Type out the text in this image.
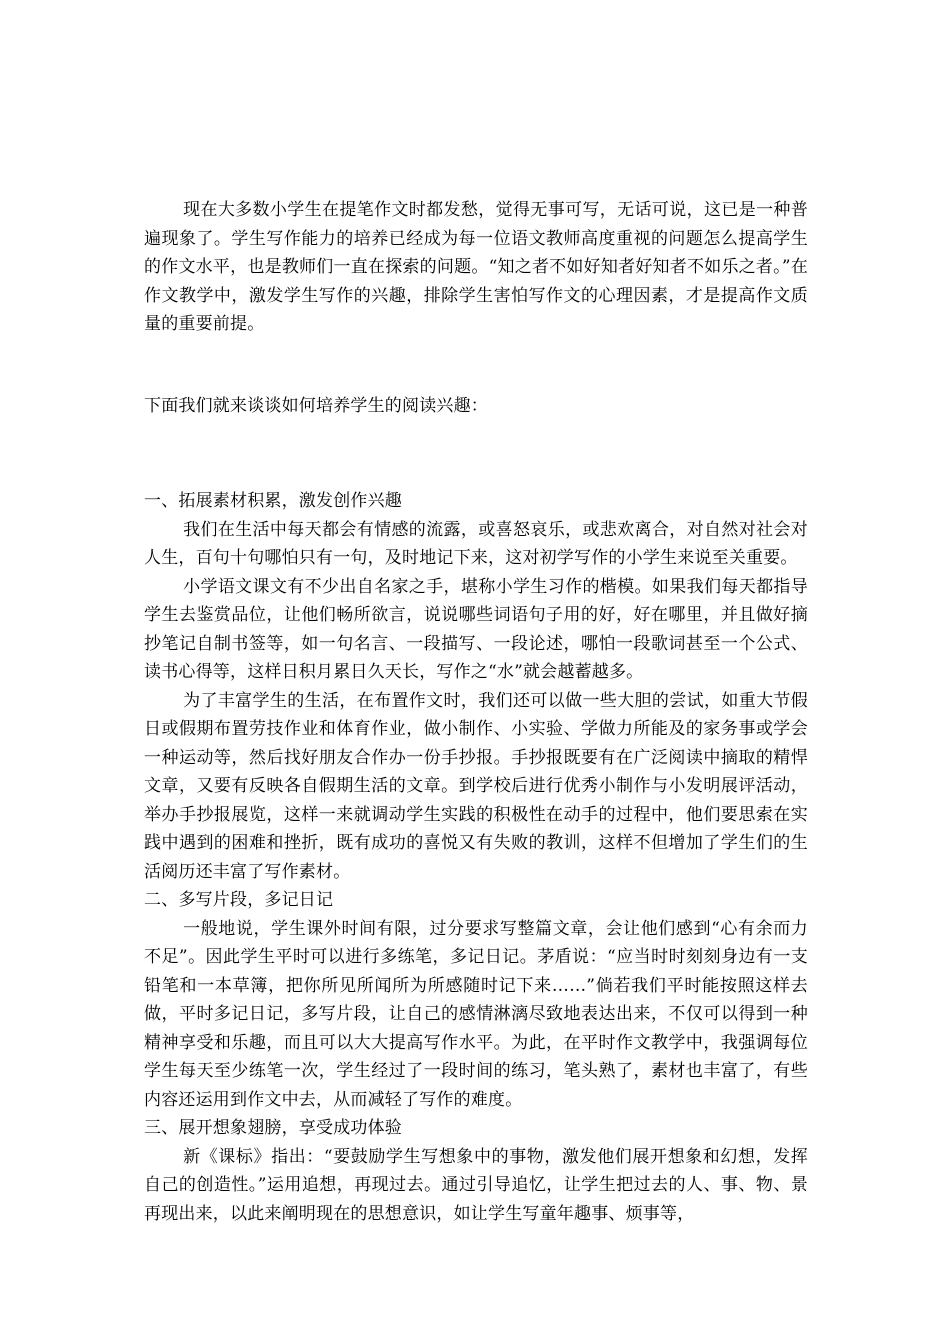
现在大多数小学生在提笔作文时都发愁，觉得无事可写，无话可说，这已是一种普遍现象了。学生写作能力的培养已经成为每一位语文教师高度重视的问题怎么提高学生的作文水平，也是教师们一直在探索的问题。“知之者不如好知者好知者不如乐之者。”在作文教学中，激发学生写作的兴趣，排除学生害怕写作文的心理因素，才是提高作文质量的重要前提。

下面我们就来谈谈如何培养学生的阅读兴趣：

一、拓展素材积累，激发创作兴趣

我们在生活中每天都会有情感的流露，或喜怒哀乐，或悲欢离合，对自然对社会对人生，百句十句哪怕只有一句，及时地记下来，这对初学写作的小学生来说至关重要。

小学语文课文有不少出自名家之手，堪称小学生习作的楷模。如果我们每天都指导学生去鉴赏品位，让他们畅所欲言，说说哪些词语句子用的好，好在哪里，并且做好摘抄笔记自制书签等，如一句名言、一段描写、一段论述，哪怕一段歌词甚至一个公式、读书心得等，这样日积月累日久天长，写作之“水”就会越蓄越多。

为了丰富学生的生活，在布置作文时，我们还可以做一些大胆的尝试，如重大节假日或假期布置劳技作业和体育作业，做小制作、小实验、学做力所能及的家务事或学会一种运动等，然后找好朋友合作办一份手抄报。手抄报既要有在广泛阅读中摘取的精悍文章，又要有反映各自假期生活的文章。到学校后进行优秀小制作与小发明展评活动，举办手抄报展览，这样一来就调动学生实践的积极性在动手的过程中，他们要思索在实践中遇到的困难和挫折，既有成功的喜悦又有失败的教训，这样不但增加了学生们的生活阅历还丰富了写作素材。

二、多写片段，多记日记

一般地说，学生课外时间有限，过分要求写整篇文章，会让他们感到“心有余而力不足”。因此学生平时可以进行多练笔，多记日记。茅盾说：“应当时时刻刻身边有一支铅笔和一本草簿，把你所见所闻所为所感随时记下来……”倘若我们平时能按照这样去做，平时多记日记，多写片段，让自己的感情淋漓尽致地表达出来，不仅可以得到一种精神享受和乐趣，而且可以大大提高写作水平。为此，在平时作文教学中，我强调每位学生每天至少练笔一次，学生经过了一段时间的练习，笔头熟了，素材也丰富了，有些内容还运用到作文中去，从而减轻了写作的难度。

三、展开想象翅膀，享受成功体验

新《课标》指出：“要鼓励学生写想象中的事物，激发他们展开想象和幻想，发挥自己的创造性。”运用追想，再现过去。通过引导追忆，让学生把过去的人、事、物、景再现出来，以此来阐明现在的思想意识，如让学生写童年趣事、烦事等，
